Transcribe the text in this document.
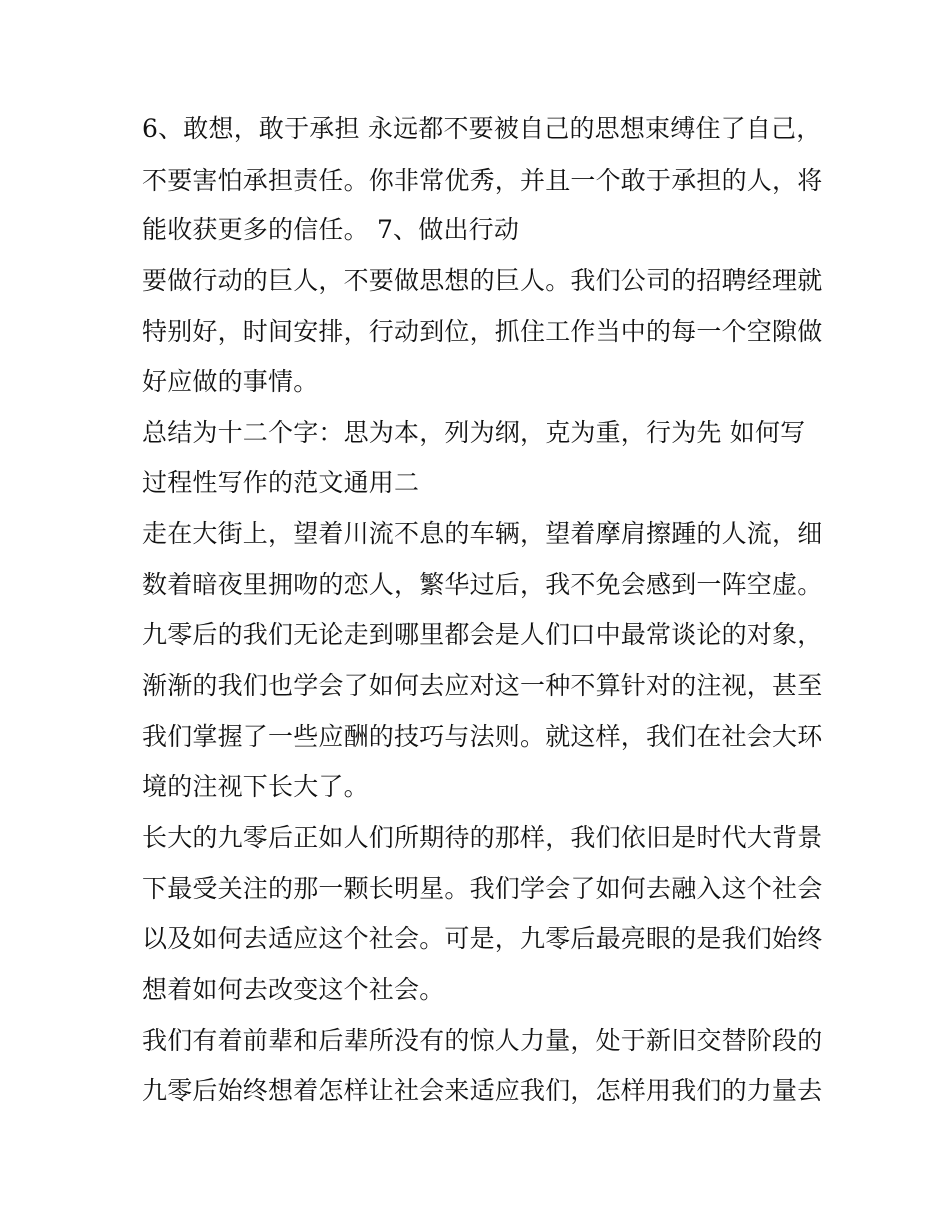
6、敢想，敢于承担 永远都不要被自己的思想束缚住了自己，

不要害怕承担责任。你非常优秀，并且一个敢于承担的人，将

能收获更多的信任。 7、做出行动

要做行动的巨人，不要做思想的巨人。我们公司的招聘经理就

特别好，时间安排，行动到位，抓住工作当中的每一个空隙做

好应做的事情。

总结为十二个字：思为本，列为纲，克为重，行为先 如何写

过程性写作的范文通用二

走在大街上，望着川流不息的车辆，望着摩肩擦踵的人流，细

数着暗夜里拥吻的恋人，繁华过后，我不免会感到一阵空虚。

九零后的我们无论走到哪里都会是人们口中最常谈论的对象，

渐渐的我们也学会了如何去应对这一种不算针对的注视，甚至

我们掌握了一些应酬的技巧与法则。就这样，我们在社会大环

境的注视下长大了。

长大的九零后正如人们所期待的那样，我们依旧是时代大背景

下最受关注的那一颗长明星。我们学会了如何去融入这个社会

以及如何去适应这个社会。可是，九零后最亮眼的是我们始终

想着如何去改变这个社会。

我们有着前辈和后辈所没有的惊人力量，处于新旧交替阶段的

九零后始终想着怎样让社会来适应我们，怎样用我们的力量去
